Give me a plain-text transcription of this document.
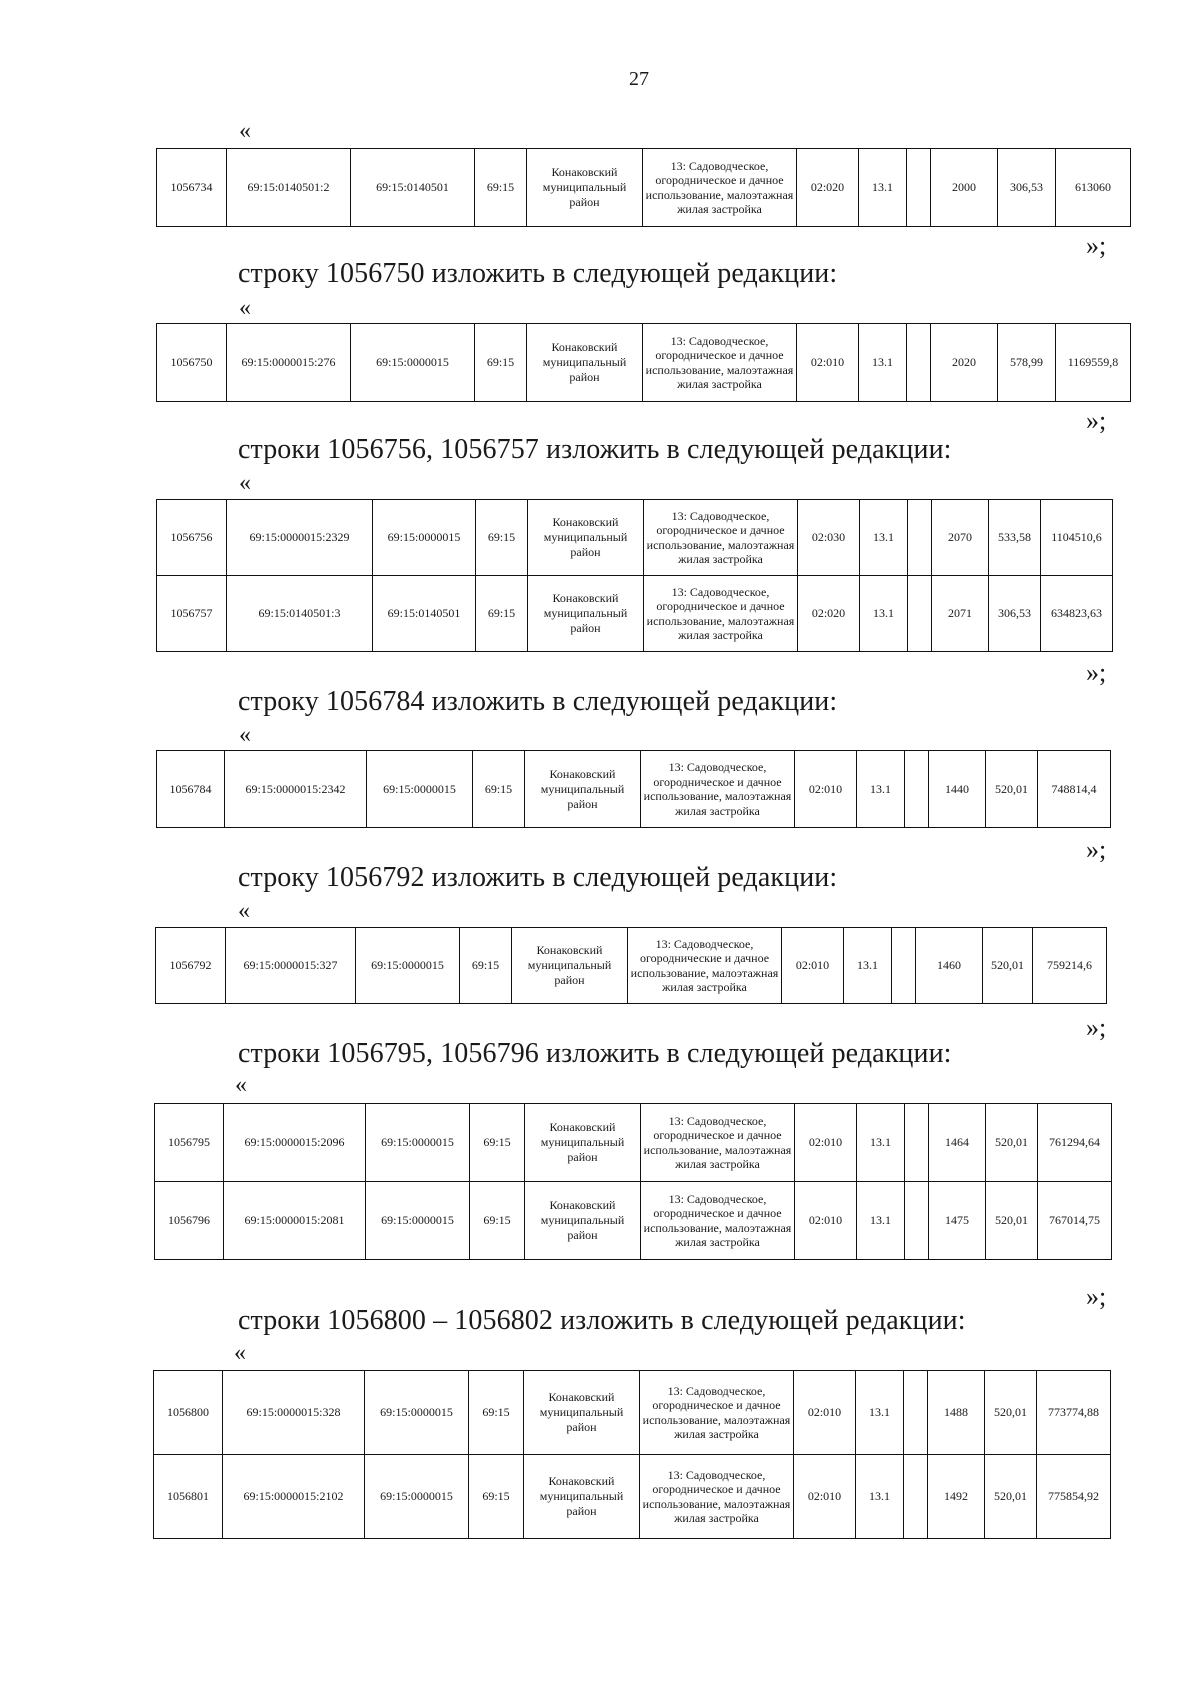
27
«
1056734	69:15:0140501:2	69:15:0140501	69:15	Конаковский муниципальный район	13: Садоводческое, огородническое и дачное использование, малоэтажная жилая застройка	02:020	13.1		2000	306,53	613060
»;
строку 1056750 изложить в следующей редакции:
«
1056750	69:15:0000015:276	69:15:0000015	69:15	Конаковский муниципальный район	13: Садоводческое, огородническое и дачное использование, малоэтажная жилая застройка	02:010	13.1		2020	578,99	1169559,8
»;
строки 1056756, 1056757 изложить в следующей редакции:
«
1056756	69:15:0000015:2329	69:15:0000015	69:15	Конаковский муниципальный район	13: Садоводческое, огородническое и дачное использование, малоэтажная жилая застройка	02:030	13.1		2070	533,58	1104510,6
1056757	69:15:0140501:3	69:15:0140501	69:15	Конаковский муниципальный район	13: Садоводческое, огородническое и дачное использование, малоэтажная жилая застройка	02:020	13.1		2071	306,53	634823,63
»;
строку 1056784 изложить в следующей редакции:
«
1056784	69:15:0000015:2342	69:15:0000015	69:15	Конаковский муниципальный район	13: Садоводческое, огородническое и дачное использование, малоэтажная жилая застройка	02:010	13.1		1440	520,01	748814,4
»;
строку 1056792 изложить в следующей редакции:
«
1056792	69:15:0000015:327	69:15:0000015	69:15	Конаковский муниципальный район	13: Садоводческое, огороднические и дачное использование, малоэтажная жилая застройка	02:010	13.1		1460	520,01	759214,6
»;
строки 1056795, 1056796 изложить в следующей редакции:
«
1056795	69:15:0000015:2096	69:15:0000015	69:15	Конаковский муниципальный район	13: Садоводческое, огородническое и дачное использование, малоэтажная жилая застройка	02:010	13.1		1464	520,01	761294,64
1056796	69:15:0000015:2081	69:15:0000015	69:15	Конаковский муниципальный район	13: Садоводческое, огородническое и дачное использование, малоэтажная жилая застройка	02:010	13.1		1475	520,01	767014,75
»;
строки 1056800 – 1056802 изложить в следующей редакции:
«
1056800	69:15:0000015:328	69:15:0000015	69:15	Конаковский муниципальный район	13: Садоводческое, огородническое и дачное использование, малоэтажная жилая застройка	02:010	13.1		1488	520,01	773774,88
1056801	69:15:0000015:2102	69:15:0000015	69:15	Конаковский муниципальный район	13: Садоводческое, огородническое и дачное использование, малоэтажная жилая застройка	02:010	13.1		1492	520,01	775854,92
